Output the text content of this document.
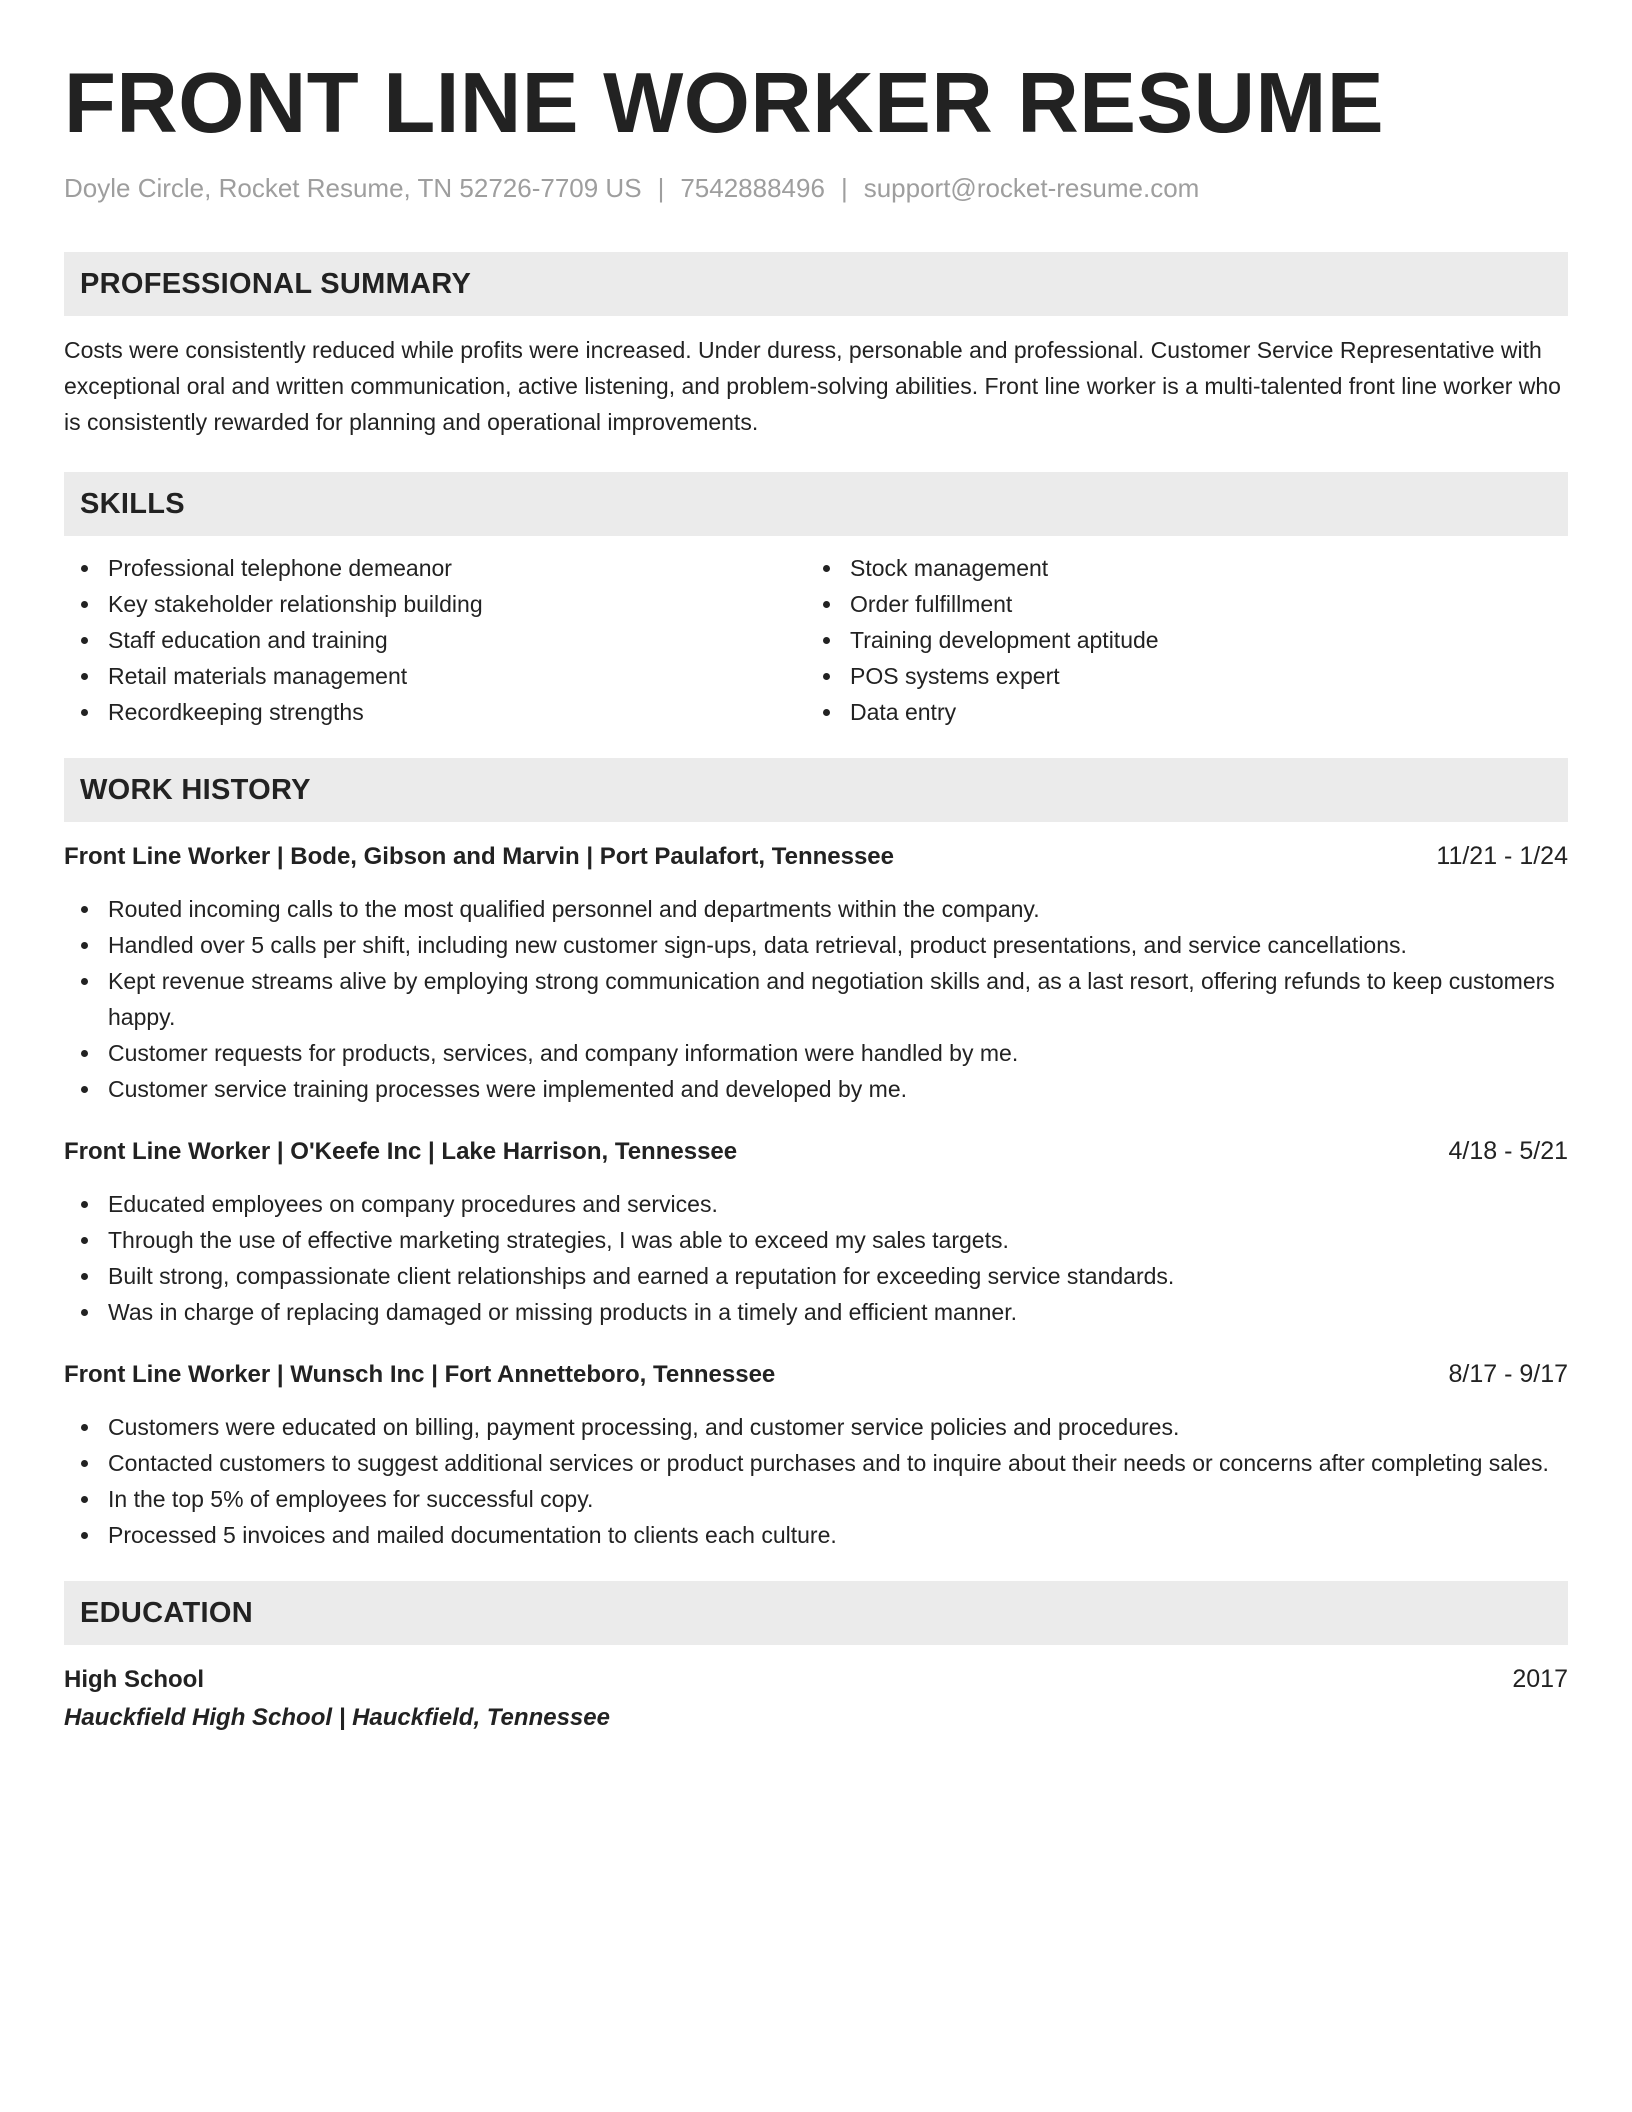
FRONT LINE WORKER RESUME
Doyle Circle, Rocket Resume, TN 52726-7709 US | 7542888496 | support@rocket-resume.com
PROFESSIONAL SUMMARY
Costs were consistently reduced while profits were increased. Under duress, personable and professional. Customer Service Representative with exceptional oral and written communication, active listening, and problem-solving abilities. Front line worker is a multi-talented front line worker who is consistently rewarded for planning and operational improvements.
SKILLS
Professional telephone demeanor
Key stakeholder relationship building
Staff education and training
Retail materials management
Recordkeeping strengths
Stock management
Order fulfillment
Training development aptitude
POS systems expert
Data entry
WORK HISTORY
Front Line Worker | Bode, Gibson and Marvin | Port Paulafort, Tennessee	11/21 - 1/24
Routed incoming calls to the most qualified personnel and departments within the company.
Handled over 5 calls per shift, including new customer sign-ups, data retrieval, product presentations, and service cancellations.
Kept revenue streams alive by employing strong communication and negotiation skills and, as a last resort, offering refunds to keep customers happy.
Customer requests for products, services, and company information were handled by me.
Customer service training processes were implemented and developed by me.
Front Line Worker | O'Keefe Inc | Lake Harrison, Tennessee	4/18 - 5/21
Educated employees on company procedures and services.
Through the use of effective marketing strategies, I was able to exceed my sales targets.
Built strong, compassionate client relationships and earned a reputation for exceeding service standards.
Was in charge of replacing damaged or missing products in a timely and efficient manner.
Front Line Worker | Wunsch Inc | Fort Annetteboro, Tennessee	8/17 - 9/17
Customers were educated on billing, payment processing, and customer service policies and procedures.
Contacted customers to suggest additional services or product purchases and to inquire about their needs or concerns after completing sales.
In the top 5% of employees for successful copy.
Processed 5 invoices and mailed documentation to clients each culture.
EDUCATION
High School	2017
Hauckfield High School | Hauckfield, Tennessee
